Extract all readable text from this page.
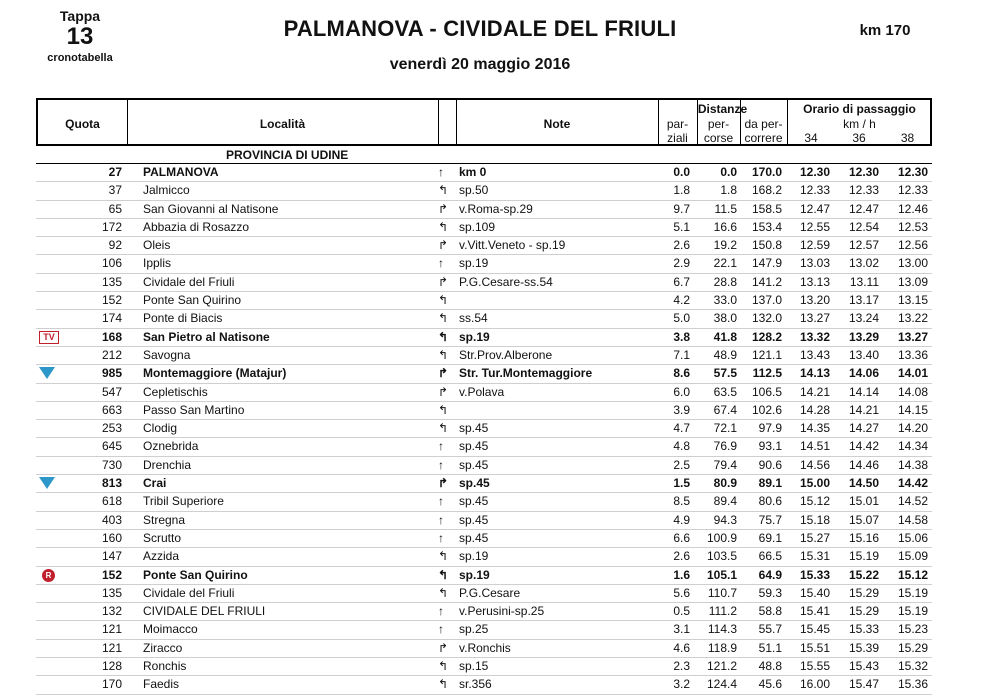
Tappa
13
cronotabella
PALMANOVA - CIVIDALE DEL FRIULI
venerdì 20 maggio 2016
km 170
Quota	Località	Note
Distanze
par-
ziali
per-
corse
da per-
correre
Orario di passaggio
km / h
34	36	38
PROVINCIA DI UDINE
27 PALMANOVA	↑	km 0	0.0	0.0	170.0	12.30	12.30	12.30
37 Jalmicco	↰ sp.50	1.8	1.8	168.2	12.33	12.33	12.33
65 San Giovanni al Natisone	↱ v.Roma-sp.29	9.7	11.5	158.5	12.47	12.47	12.46
172 Abbazia di Rosazzo	↰ sp.109	5.1	16.6	153.4	12.55	12.54	12.53
92 Oleis	↱ v.Vitt.Veneto - sp.19	2.6	19.2	150.8	12.59	12.57	12.56
106 Ipplis	↑	sp.19	2.9	22.1	147.9	13.03	13.02	13.00
135 Cividale del Friuli	↱ P.G.Cesare-ss.54	6.7	28.8	141.2	13.13	13.11	13.09
152 Ponte San Quirino	↰	4.2	33.0	137.0	13.20	13.17	13.15
174 Ponte di Biacis	↰ ss.54	5.0	38.0	132.0	13.27	13.24	13.22
TV	168 San Pietro al Natisone	↰ sp.19	3.8	41.8	128.2	13.32	13.29	13.27
212 Savogna	↰ Str.Prov.Alberone	7.1	48.9	121.1	13.43	13.40	13.36
985 Montemaggiore (Matajur)	↱ Str. Tur.Montemaggiore	8.6	57.5	112.5	14.13	14.06	14.01
547 Cepletischis	↱ v.Polava	6.0	63.5	106.5	14.21	14.14	14.08
663 Passo San Martino	↰	3.9	67.4	102.6	14.28	14.21	14.15
253 Clodig	↰ sp.45	4.7	72.1	97.9	14.35	14.27	14.20
645 Oznebrida	↑	sp.45	4.8	76.9	93.1	14.51	14.42	14.34
730 Drenchia	↑	sp.45	2.5	79.4	90.6	14.56	14.46	14.38
813 Crai	↱ sp.45	1.5	80.9	89.1	15.00	14.50	14.42
618 Tribil Superiore	↑	sp.45	8.5	89.4	80.6	15.12	15.01	14.52
403 Stregna	↑	sp.45	4.9	94.3	75.7	15.18	15.07	14.58
160 Scrutto	↑	sp.45	6.6	100.9	69.1	15.27	15.16	15.06
147 Azzida	↰ sp.19	2.6	103.5	66.5	15.31	15.19	15.09
R	152 Ponte San Quirino	↰ sp.19	1.6	105.1	64.9	15.33	15.22	15.12
135 Cividale del Friuli	↰ P.G.Cesare	5.6	110.7	59.3	15.40	15.29	15.19
132 CIVIDALE DEL FRIULI	↑	v.Perusini-sp.25	0.5	111.2	58.8	15.41	15.29	15.19
121 Moimacco	↑	sp.25	3.1	114.3	55.7	15.45	15.33	15.23
121 Ziracco	↱ v.Ronchis	4.6	118.9	51.1	15.51	15.39	15.29
128 Ronchis	↰ sp.15	2.3	121.2	48.8	15.55	15.43	15.32
170 Faedis	↰ sr.356	3.2	124.4	45.6	16.00	15.47	15.36
